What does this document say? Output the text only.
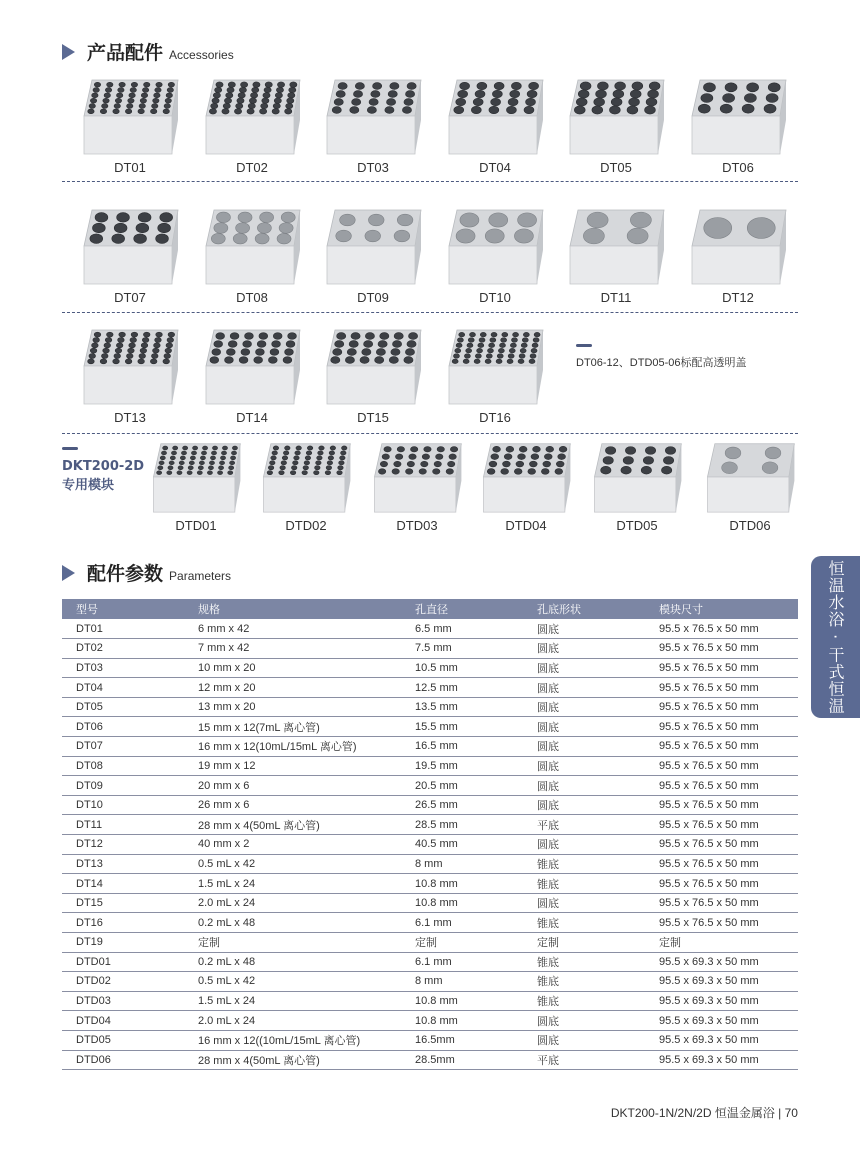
产品配件 Accessories
DT01	DT02	DT03	DT04	DT05	DT06
DT07	DT08	DT09	DT10	DT11	DT12
DT13	DT14	DT15	DT16
DTD01	DTD02	DTD03	DTD04	DTD05	DTD06
DT06-12、DTD05-06标配高透明盖
DKT200-2D
专用模块
恒温水浴 · 干式恒温
配件参数 Parameters
型号	规格	孔直径	孔底形状	模块尺寸
DT01	6 mm x 42	6.5 mm	圆底	95.5 x 76.5 x 50 mm
DT02	7 mm x 42	7.5 mm	圆底	95.5 x 76.5 x 50 mm
DT03	10 mm x 20	10.5 mm	圆底	95.5 x 76.5 x 50 mm
DT04	12 mm x 20	12.5 mm	圆底	95.5 x 76.5 x 50 mm
DT05	13 mm x 20	13.5 mm	圆底	95.5 x 76.5 x 50 mm
DT06	15 mm x 12(7mL 离心管)	15.5 mm	圆底	95.5 x 76.5 x 50 mm
DT07	16 mm x 12(10mL/15mL 离心管)	16.5 mm	圆底	95.5 x 76.5 x 50 mm
DT08	19 mm x 12	19.5 mm	圆底	95.5 x 76.5 x 50 mm
DT09	20 mm x 6	20.5 mm	圆底	95.5 x 76.5 x 50 mm
DT10	26 mm x 6	26.5 mm	圆底	95.5 x 76.5 x 50 mm
DT11	28 mm x 4(50mL 离心管)	28.5 mm	平底	95.5 x 76.5 x 50 mm
DT12	40 mm x 2	40.5 mm	圆底	95.5 x 76.5 x 50 mm
DT13	0.5 mL x 42	8 mm	锥底	95.5 x 76.5 x 50 mm
DT14	1.5 mL x 24	10.8 mm	锥底	95.5 x 76.5 x 50 mm
DT15	2.0 mL x 24	10.8 mm	圆底	95.5 x 76.5 x 50 mm
DT16	0.2 mL x 48	6.1 mm	锥底	95.5 x 76.5 x 50 mm
DT19	定制	定制	定制	定制
DTD01	0.2 mL x 48	6.1 mm	锥底	95.5 x 69.3 x 50 mm
DTD02	0.5 mL x 42	8 mm	锥底	95.5 x 69.3 x 50 mm
DTD03	1.5 mL x 24	10.8 mm	锥底	95.5 x 69.3 x 50 mm
DTD04	2.0 mL x 24	10.8 mm	圆底	95.5 x 69.3 x 50 mm
DTD05	16 mm x 12((10mL/15mL 离心管)	16.5mm	圆底	95.5 x 69.3 x 50 mm
DTD06	28 mm x 4(50mL 离心管)	28.5mm	平底	95.5 x 69.3 x 50 mm
DKT200-1N/2N/2D 恒温金属浴 | 70
